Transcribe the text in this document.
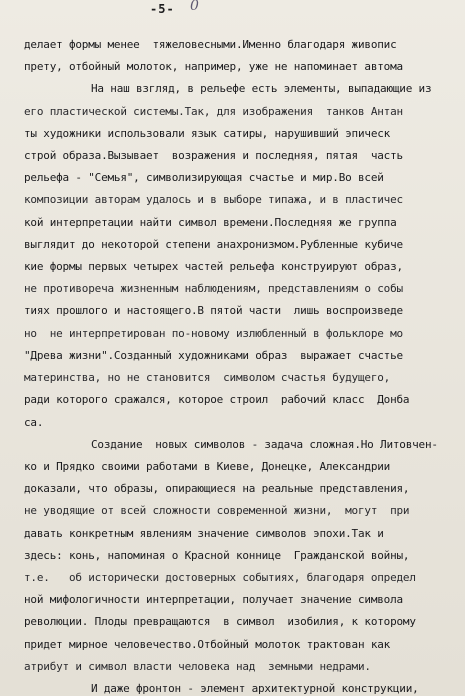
-5- 0
делает формы менее  тяжеловесными.Именно благодаря живопис
прету, отбойный молоток, например, уже не напоминает автома
На наш взгляд, в рельефе есть элементы, выпадающие из
его пластической системы.Так, для изображения  танков Антан
ты художники использовали язык сатиры, нарушивший эпическ
строй образа.Вызывает  возражения и последняя, пятая  часть
рельефа - "Семья", символизирующая счастье и мир.Во всей
композиции авторам удалось и в выборе типажа, и в пластичес
кой интерпретации найти символ времени.Последняя же группа
выглядит до некоторой степени анахронизмом.Рубленные кубиче
кие формы первых четырех частей рельефа конструируют образ,
не противореча жизненным наблюдениям, представлениям о собы
тиях прошлого и настоящего.В пятой части  лишь воспроизведе
но  не интерпретирован по-новому излюбленный в фольклоре мо
"Древа жизни".Созданный художниками образ  выражает счастье
материнства, но не становится  символом счастья будущего,
ради которого сражался, которое строил  рабочий класс  Донба
са.
Создание  новых символов - задача сложная.Но Литовчен-
ко и Прядко своими работами в Киеве, Донецке, Александрии
доказали, что образы, опирающиеся на реальные представления,
не уводящие от всей сложности современной жизни,  могут  при
давать конкретным явлениям значение символов эпохи.Так и
здесь: конь, напоминая о Красной коннице  Гражданской войны,
т.е.   об исторически достоверных событиях, благодаря определ
ной мифологичности интерпретации, получает значение символа
революции. Плоды превращаются  в символ  изобилия, к которому
придет мирное человечество.Отбойный молоток трактован как
атрибут и символ власти человека над  земными недрами.
И даже фронтон - элемент архитектурной конструкции,
